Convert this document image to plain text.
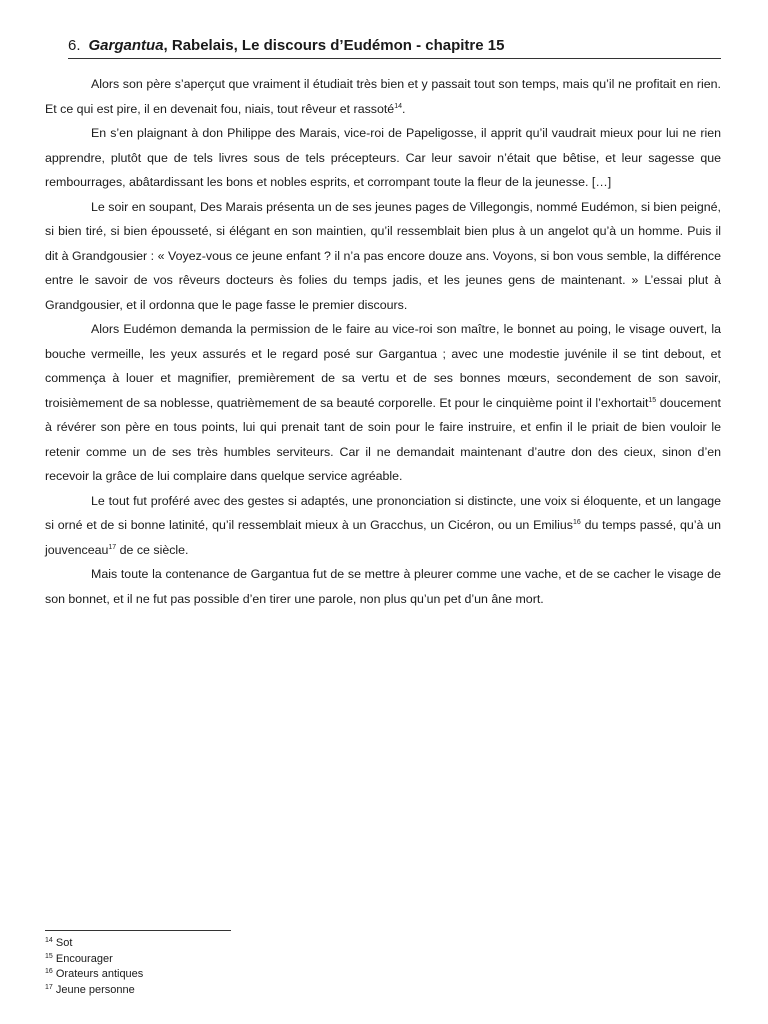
6. Gargantua, Rabelais, Le discours d’Eudémon - chapitre 15

Alors son père s’aperçut que vraiment il étudiait très bien et y passait tout son temps, mais qu’il ne profitait en rien. Et ce qui est pire, il en devenait fou, niais, tout rêveur et rassoté$^{14}$.

En s’en plaignant à don Philippe des Marais, vice-roi de Papeligosse, il apprit qu’il vaudrait mieux pour lui ne rien apprendre, plutôt que de tels livres sous de tels précepteurs. Car leur savoir n’était que bêtise, et leur sagesse que rembourrages, abâtardissant les bons et nobles esprits, et corrompant toute la fleur de la jeunesse. […]

Le soir en soupant, Des Marais présenta un de ses jeunes pages de Villegongis, nommé Eudémon, si bien peigné, si bien tiré, si bien épousseté, si élégant en son maintien, qu’il ressemblait bien plus à un angelot qu’à un homme. Puis il dit à Grandgousier : « Voyez-vous ce jeune enfant ? il n’a pas encore douze ans. Voyons, si bon vous semble, la différence entre le savoir de vos rêveurs docteurs ès folies du temps jadis, et les jeunes gens de maintenant. » L’essai plut à Grandgousier, et il ordonna que le page fasse le premier discours.

Alors Eudémon demanda la permission de le faire au vice-roi son maître, le bonnet au poing, le visage ouvert, la bouche vermeille, les yeux assurés et le regard posé sur Gargantua ; avec une modestie juvénile il se tint debout, et commença à louer et magnifier, premièrement de sa vertu et de ses bonnes mœurs, secondement de son savoir, troisièmement de sa noblesse, quatrièmement de sa beauté corporelle. Et pour le cinquième point il l’exhortait$^{15}$ doucement à révérer son père en tous points, lui qui prenait tant de soin pour le faire instruire, et enfin il le priait de bien vouloir le retenir comme un de ses très humbles serviteurs. Car il ne demandait maintenant d’autre don des cieux, sinon d’en recevoir la grâce de lui complaire dans quelque service agréable.

Le tout fut proféré avec des gestes si adaptés, une prononciation si distincte, une voix si éloquente, et un langage si orné et de si bonne latinité, qu’il ressemblait mieux à un Gracchus, un Cicéron, ou un Emilius$^{16}$ du temps passé, qu’à un jouvenceau$^{17}$ de ce siècle.

Mais toute la contenance de Gargantua fut de se mettre à pleurer comme une vache, et de se cacher le visage de son bonnet, et il ne fut pas possible d’en tirer une parole, non plus qu’un pet d’un âne mort.

$^{14}$ Sot
$^{15}$ Encourager
$^{16}$ Orateurs antiques
$^{17}$ Jeune personne
